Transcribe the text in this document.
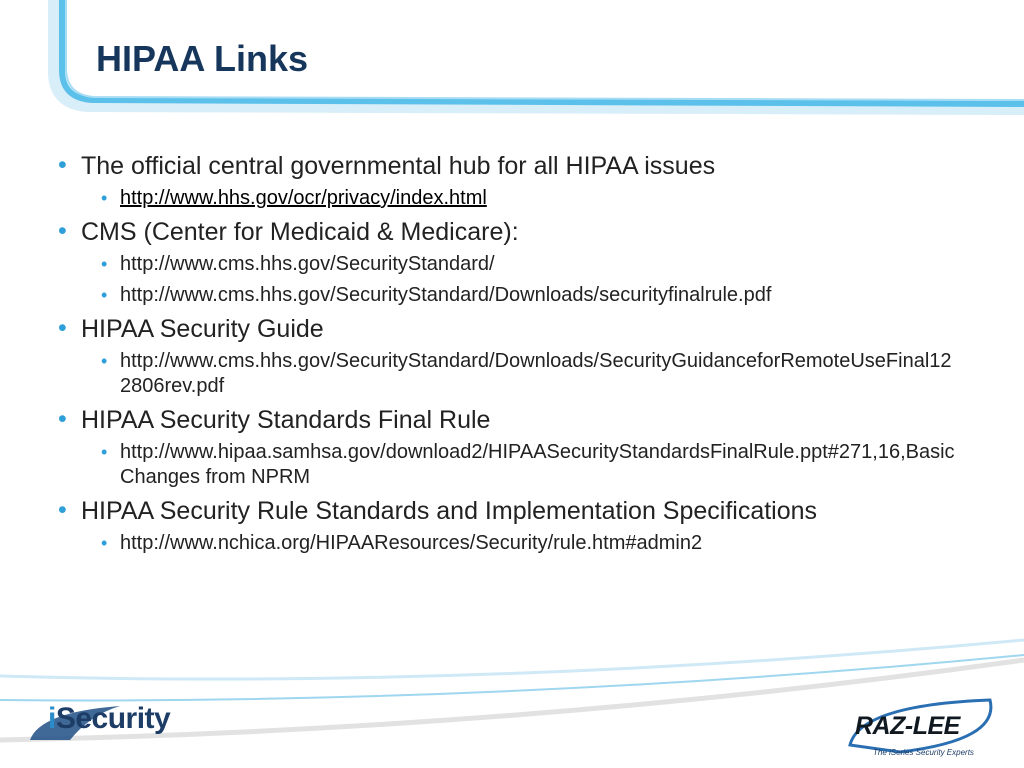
HIPAA Links
• The official central governmental hub for all HIPAA issues
• http://www.hhs.gov/ocr/privacy/index.html
• CMS (Center for Medicaid & Medicare):
• http://www.cms.hhs.gov/SecurityStandard/
• http://www.cms.hhs.gov/SecurityStandard/Downloads/securityfinalrule.pdf
• HIPAA Security Guide
• http://www.cms.hhs.gov/SecurityStandard/Downloads/SecurityGuidanceforRemoteUseFinal122806rev.pdf
• HIPAA Security Standards Final Rule
• http://www.hipaa.samhsa.gov/download2/HIPAASecurityStandardsFinalRule.ppt#271,16,Basic Changes from NPRM
• HIPAA Security Rule Standards and Implementation Specifications
• http://www.nchica.org/HIPAAResources/Security/rule.htm#admin2
iSecurity	RAZ-LEE
The iSeries Security Experts
